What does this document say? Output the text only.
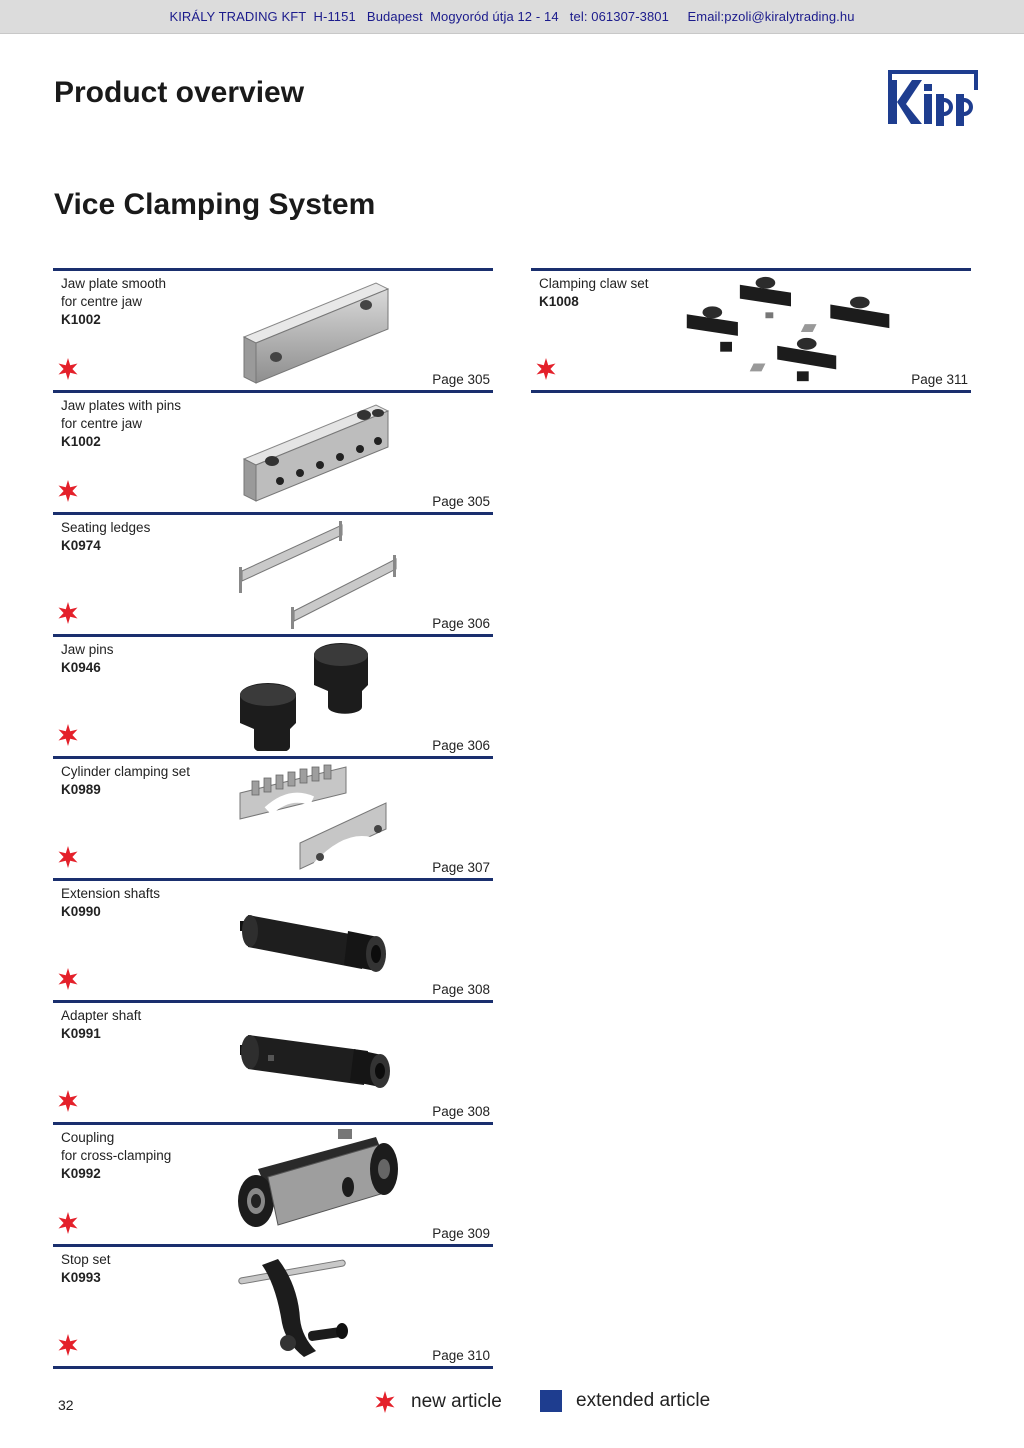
KIRÁLY TRADING KFT  H-1151   Budapest  Mogyoród útja 12 - 14   tel: 061307-3801     Email:pzoli@kiralytrading.hu
Product overview
Vice Clamping System
Jaw plate smooth
for centre jaw
K1002
Page 305
Jaw plates with pins
for centre jaw
K1002
Page 305
Seating ledges
K0974
Page 306
Jaw pins
K0946
Page 306
Cylinder clamping set
K0989
Page 307
Extension shafts
K0990
Page 308
Adapter shaft
K0991
Page 308
Coupling
for cross-clamping
K0992
Page 309
Stop set
K0993
Page 310
Clamping claw set
K1008
Page 311
32	new article	extended article
